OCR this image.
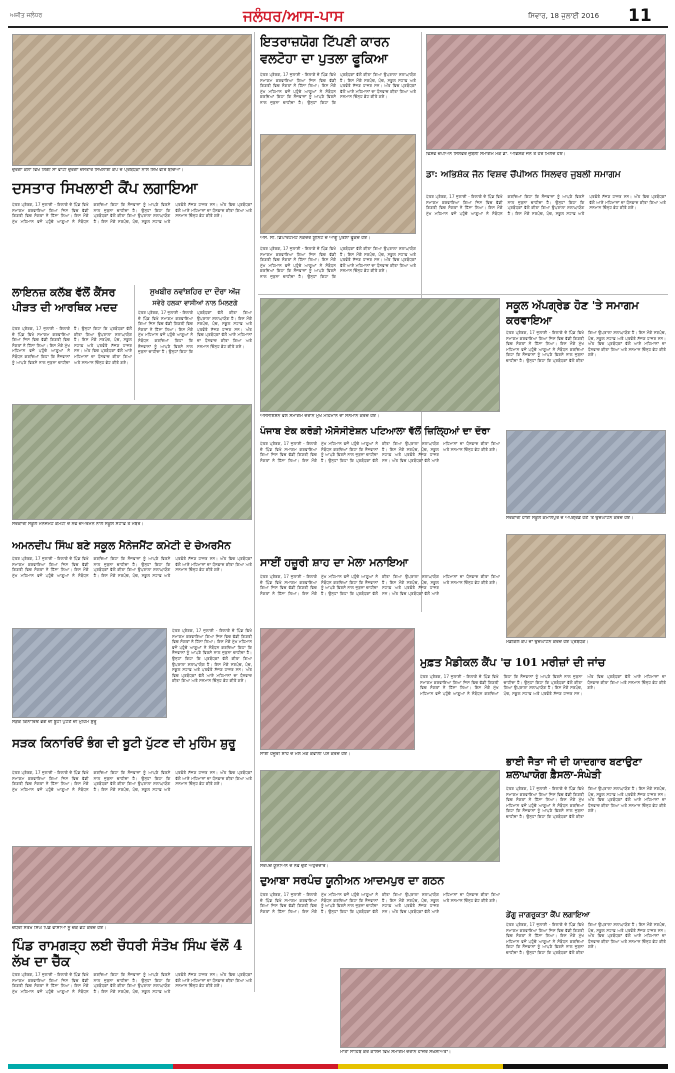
ਅਜੀਤ ਜਲੰਧਰ	ਜਲੰਧਰ/ਆਸ-ਪਾਸ	ਸਿਵਾਰ, 18 ਜੁਲਾਈ 2016 11
ਦੁਰਗਾ ਕਲਾਂ ਵਿਖੇ ਲਿੰਗੀ ਸਾ ਵਾਂਟੀ ਦੁਰਗਾ ਦਸਤਾਰ ਸਿਖਲਾਈ ਕੈਂਪ ਦੇ ਪ੍ਰਬੰਧਕਾਂ ਨਾਲ ਸ਼ਿੱਖ ਵੀਰ ਬੱਚਿਆਂ।
ਦਸਤਾਰ ਸਿਖਲਾਈ ਕੈਂਪ ਲਗਾਇਆ
ਪੱਤਰ ਪ੍ਰੇਰਕ, 17 ਜੁਲਾਈ - ਇਲਾਕੇ ਦੇ ਪਿੰਡ ਵਿਖੇ ਸਮਾਗਮ ਕਰਵਾਇਆ ਗਿਆ ਜਿਸ ਵਿਚ ਵੱਡੀ ਗਿਣਤੀ ਵਿਚ ਸੰਗਤਾਂ ਨੇ ਹਿੱਸਾ ਲਿਆ। ਇਸ ਮੌਕੇ ਮੁੱਖ ਮਹਿਮਾਨ ਵਜੋਂ ਪਹੁੰਚੇ ਆਗੂਆਂ ਨੇ ਸੰਬੋਧਨ ਕਰਦਿਆਂ ਕਿਹਾ ਕਿ ਨੌਜਵਾਨਾਂ ਨੂੰ ਆਪਣੇ ਵਿਰਸੇ ਨਾਲ ਜੁੜਨਾ ਚਾਹੀਦਾ ਹੈ। ਉਨ੍ਹਾਂ ਕਿਹਾ ਕਿ ਪ੍ਰਬੰਧਕਾਂ ਵੱਲੋਂ ਕੀਤਾ ਗਿਆ ਉਪਰਾਲਾ ਸ਼ਲਾਘਾਯੋਗ ਹੈ। ਇਸ ਮੌਕੇ ਸਰਪੰਚ, ਪੰਚ, ਸਕੂਲ ਸਟਾਫ਼ ਅਤੇ ਪਤਵੰਤੇ ਸੱਜਣ ਹਾਜ਼ਰ ਸਨ। ਅੰਤ ਵਿਚ ਪ੍ਰਬੰਧਕਾਂ ਵੱਲੋਂ ਆਏ ਮਹਿਮਾਨਾਂ ਦਾ ਧੰਨਵਾਦ ਕੀਤਾ ਗਿਆ ਅਤੇ ਸਨਮਾਨ ਚਿੰਨ੍ਹ ਭੇਟ ਕੀਤੇ ਗਏ।
ਲਾਇਨਜ਼ ਕਲੱਬ ਵੱਲੋਂ ਕੈਂਸਰ ਪੀੜਤ ਦੀ ਆਰਥਿਕ ਮਦਦ
ਪੱਤਰ ਪ੍ਰੇਰਕ, 17 ਜੁਲਾਈ - ਇਲਾਕੇ ਦੇ ਪਿੰਡ ਵਿਖੇ ਸਮਾਗਮ ਕਰਵਾਇਆ ਗਿਆ ਜਿਸ ਵਿਚ ਵੱਡੀ ਗਿਣਤੀ ਵਿਚ ਸੰਗਤਾਂ ਨੇ ਹਿੱਸਾ ਲਿਆ। ਇਸ ਮੌਕੇ ਮੁੱਖ ਮਹਿਮਾਨ ਵਜੋਂ ਪਹੁੰਚੇ ਆਗੂਆਂ ਨੇ ਸੰਬੋਧਨ ਕਰਦਿਆਂ ਕਿਹਾ ਕਿ ਨੌਜਵਾਨਾਂ ਨੂੰ ਆਪਣੇ ਵਿਰਸੇ ਨਾਲ ਜੁੜਨਾ ਚਾਹੀਦਾ ਹੈ। ਉਨ੍ਹਾਂ ਕਿਹਾ ਕਿ ਪ੍ਰਬੰਧਕਾਂ ਵੱਲੋਂ ਕੀਤਾ ਗਿਆ ਉਪਰਾਲਾ ਸ਼ਲਾਘਾਯੋਗ ਹੈ। ਇਸ ਮੌਕੇ ਸਰਪੰਚ, ਪੰਚ, ਸਕੂਲ ਸਟਾਫ਼ ਅਤੇ ਪਤਵੰਤੇ ਸੱਜਣ ਹਾਜ਼ਰ ਸਨ। ਅੰਤ ਵਿਚ ਪ੍ਰਬੰਧਕਾਂ ਵੱਲੋਂ ਆਏ ਮਹਿਮਾਨਾਂ ਦਾ ਧੰਨਵਾਦ ਕੀਤਾ ਗਿਆ ਅਤੇ ਸਨਮਾਨ ਚਿੰਨ੍ਹ ਭੇਟ ਕੀਤੇ ਗਏ।
ਸੁਖਬੀਰ ਨਵਾਂਸ਼ਹਿਰ ਦਾ ਦੌਰਾ ਅੱਜ
ਸਵੇਰੇ ਹਲਕਾ ਵਾਸੀਆਂ ਨਾਲ ਮਿਲਣਗੇ
ਪੱਤਰ ਪ੍ਰੇਰਕ, 17 ਜੁਲਾਈ - ਇਲਾਕੇ ਦੇ ਪਿੰਡ ਵਿਖੇ ਸਮਾਗਮ ਕਰਵਾਇਆ ਗਿਆ ਜਿਸ ਵਿਚ ਵੱਡੀ ਗਿਣਤੀ ਵਿਚ ਸੰਗਤਾਂ ਨੇ ਹਿੱਸਾ ਲਿਆ। ਇਸ ਮੌਕੇ ਮੁੱਖ ਮਹਿਮਾਨ ਵਜੋਂ ਪਹੁੰਚੇ ਆਗੂਆਂ ਨੇ ਸੰਬੋਧਨ ਕਰਦਿਆਂ ਕਿਹਾ ਕਿ ਨੌਜਵਾਨਾਂ ਨੂੰ ਆਪਣੇ ਵਿਰਸੇ ਨਾਲ ਜੁੜਨਾ ਚਾਹੀਦਾ ਹੈ। ਉਨ੍ਹਾਂ ਕਿਹਾ ਕਿ ਪ੍ਰਬੰਧਕਾਂ ਵੱਲੋਂ ਕੀਤਾ ਗਿਆ ਉਪਰਾਲਾ ਸ਼ਲਾਘਾਯੋਗ ਹੈ। ਇਸ ਮੌਕੇ ਸਰਪੰਚ, ਪੰਚ, ਸਕੂਲ ਸਟਾਫ਼ ਅਤੇ ਪਤਵੰਤੇ ਸੱਜਣ ਹਾਜ਼ਰ ਸਨ। ਅੰਤ ਵਿਚ ਪ੍ਰਬੰਧਕਾਂ ਵੱਲੋਂ ਆਏ ਮਹਿਮਾਨਾਂ ਦਾ ਧੰਨਵਾਦ ਕੀਤਾ ਗਿਆ ਅਤੇ ਸਨਮਾਨ ਚਿੰਨ੍ਹ ਭੇਟ ਕੀਤੇ ਗਏ।
ਸਰਕਾਰੀ ਸਕੂਲ ਮੈਨੇਜਮੈਂਟ ਕਮੇਟੀ ਦੇ ਨਵੇਂ ਚੇਅਰਮੈਨ ਨਾਲ ਸਕੂਲ ਸਟਾਫ਼ ਤੇ ਮੈਂਬਰ।
ਅਮਨਦੀਪ ਸਿੰਘ ਬਣੇ ਸਕੂਲ ਮੈਨੇਜਮੈਂਟ ਕਮੇਟੀ ਦੇ ਚੇਅਰਮੈਨ
ਪੱਤਰ ਪ੍ਰੇਰਕ, 17 ਜੁਲਾਈ - ਇਲਾਕੇ ਦੇ ਪਿੰਡ ਵਿਖੇ ਸਮਾਗਮ ਕਰਵਾਇਆ ਗਿਆ ਜਿਸ ਵਿਚ ਵੱਡੀ ਗਿਣਤੀ ਵਿਚ ਸੰਗਤਾਂ ਨੇ ਹਿੱਸਾ ਲਿਆ। ਇਸ ਮੌਕੇ ਮੁੱਖ ਮਹਿਮਾਨ ਵਜੋਂ ਪਹੁੰਚੇ ਆਗੂਆਂ ਨੇ ਸੰਬੋਧਨ ਕਰਦਿਆਂ ਕਿਹਾ ਕਿ ਨੌਜਵਾਨਾਂ ਨੂੰ ਆਪਣੇ ਵਿਰਸੇ ਨਾਲ ਜੁੜਨਾ ਚਾਹੀਦਾ ਹੈ। ਉਨ੍ਹਾਂ ਕਿਹਾ ਕਿ ਪ੍ਰਬੰਧਕਾਂ ਵੱਲੋਂ ਕੀਤਾ ਗਿਆ ਉਪਰਾਲਾ ਸ਼ਲਾਘਾਯੋਗ ਹੈ। ਇਸ ਮੌਕੇ ਸਰਪੰਚ, ਪੰਚ, ਸਕੂਲ ਸਟਾਫ਼ ਅਤੇ ਪਤਵੰਤੇ ਸੱਜਣ ਹਾਜ਼ਰ ਸਨ। ਅੰਤ ਵਿਚ ਪ੍ਰਬੰਧਕਾਂ ਵੱਲੋਂ ਆਏ ਮਹਿਮਾਨਾਂ ਦਾ ਧੰਨਵਾਦ ਕੀਤਾ ਗਿਆ ਅਤੇ ਸਨਮਾਨ ਚਿੰਨ੍ਹ ਭੇਟ ਕੀਤੇ ਗਏ।
ਸੜਕ ਕਿਨਾਰਿਓਂ ਭੰਗ ਦੀ ਬੂਟੀ ਪੁੱਟਣ ਦੀ ਮੁਹਿੰਮ ਸ਼ੁਰੂ
ਪੱਤਰ ਪ੍ਰੇਰਕ, 17 ਜੁਲਾਈ - ਇਲਾਕੇ ਦੇ ਪਿੰਡ ਵਿਖੇ ਸਮਾਗਮ ਕਰਵਾਇਆ ਗਿਆ ਜਿਸ ਵਿਚ ਵੱਡੀ ਗਿਣਤੀ ਵਿਚ ਸੰਗਤਾਂ ਨੇ ਹਿੱਸਾ ਲਿਆ। ਇਸ ਮੌਕੇ ਮੁੱਖ ਮਹਿਮਾਨ ਵਜੋਂ ਪਹੁੰਚੇ ਆਗੂਆਂ ਨੇ ਸੰਬੋਧਨ ਕਰਦਿਆਂ ਕਿਹਾ ਕਿ ਨੌਜਵਾਨਾਂ ਨੂੰ ਆਪਣੇ ਵਿਰਸੇ ਨਾਲ ਜੁੜਨਾ ਚਾਹੀਦਾ ਹੈ। ਉਨ੍ਹਾਂ ਕਿਹਾ ਕਿ ਪ੍ਰਬੰਧਕਾਂ ਵੱਲੋਂ ਕੀਤਾ ਗਿਆ ਉਪਰਾਲਾ ਸ਼ਲਾਘਾਯੋਗ ਹੈ। ਇਸ ਮੌਕੇ ਸਰਪੰਚ, ਪੰਚ, ਸਕੂਲ ਸਟਾਫ਼ ਅਤੇ ਪਤਵੰਤੇ ਸੱਜਣ ਹਾਜ਼ਰ ਸਨ। ਅੰਤ ਵਿਚ ਪ੍ਰਬੰਧਕਾਂ ਵੱਲੋਂ ਆਏ ਮਹਿਮਾਨਾਂ ਦਾ ਧੰਨਵਾਦ ਕੀਤਾ ਗਿਆ ਅਤੇ ਸਨਮਾਨ ਚਿੰਨ੍ਹ ਭੇਟ ਕੀਤੇ ਗਏ।
ਸੜਕ ਕਿਨਾਰਿਓਂ ਭੰਗ ਦੀ ਬੂਟੀ ਪੁੱਟਣ ਦੀ ਮੁਹਿੰਮ ਸ਼ੁਰੂ
ਪੱਤਰ ਪ੍ਰੇਰਕ, 17 ਜੁਲਾਈ - ਇਲਾਕੇ ਦੇ ਪਿੰਡ ਵਿਖੇ ਸਮਾਗਮ ਕਰਵਾਇਆ ਗਿਆ ਜਿਸ ਵਿਚ ਵੱਡੀ ਗਿਣਤੀ ਵਿਚ ਸੰਗਤਾਂ ਨੇ ਹਿੱਸਾ ਲਿਆ। ਇਸ ਮੌਕੇ ਮੁੱਖ ਮਹਿਮਾਨ ਵਜੋਂ ਪਹੁੰਚੇ ਆਗੂਆਂ ਨੇ ਸੰਬੋਧਨ ਕਰਦਿਆਂ ਕਿਹਾ ਕਿ ਨੌਜਵਾਨਾਂ ਨੂੰ ਆਪਣੇ ਵਿਰਸੇ ਨਾਲ ਜੁੜਨਾ ਚਾਹੀਦਾ ਹੈ। ਉਨ੍ਹਾਂ ਕਿਹਾ ਕਿ ਪ੍ਰਬੰਧਕਾਂ ਵੱਲੋਂ ਕੀਤਾ ਗਿਆ ਉਪਰਾਲਾ ਸ਼ਲਾਘਾਯੋਗ ਹੈ। ਇਸ ਮੌਕੇ ਸਰਪੰਚ, ਪੰਚ, ਸਕੂਲ ਸਟਾਫ਼ ਅਤੇ ਪਤਵੰਤੇ ਸੱਜਣ ਹਾਜ਼ਰ ਸਨ। ਅੰਤ ਵਿਚ ਪ੍ਰਬੰਧਕਾਂ ਵੱਲੋਂ ਆਏ ਮਹਿਮਾਨਾਂ ਦਾ ਧੰਨਵਾਦ ਕੀਤਾ ਗਿਆ ਅਤੇ ਸਨਮਾਨ ਚਿੰਨ੍ਹ ਭੇਟ ਕੀਤੇ ਗਏ।
ਚੌਧਰੀ ਸੰਤੋਖ ਸਿੰਘ ਪਿੰਡ ਵਾਸੀਆਂ ਨੂੰ ਚੈੱਕ ਭੇਟ ਕਰਦੇ ਹੋਏ।
ਪਿੰਡ ਰਾਮਗੜ੍ਹ ਲਈ ਚੌਧਰੀ ਸੰਤੋਖ ਸਿੰਘ ਵੱਲੋਂ 4 ਲੱਖ ਦਾ ਚੈੱਕ
ਪੱਤਰ ਪ੍ਰੇਰਕ, 17 ਜੁਲਾਈ - ਇਲਾਕੇ ਦੇ ਪਿੰਡ ਵਿਖੇ ਸਮਾਗਮ ਕਰਵਾਇਆ ਗਿਆ ਜਿਸ ਵਿਚ ਵੱਡੀ ਗਿਣਤੀ ਵਿਚ ਸੰਗਤਾਂ ਨੇ ਹਿੱਸਾ ਲਿਆ। ਇਸ ਮੌਕੇ ਮੁੱਖ ਮਹਿਮਾਨ ਵਜੋਂ ਪਹੁੰਚੇ ਆਗੂਆਂ ਨੇ ਸੰਬੋਧਨ ਕਰਦਿਆਂ ਕਿਹਾ ਕਿ ਨੌਜਵਾਨਾਂ ਨੂੰ ਆਪਣੇ ਵਿਰਸੇ ਨਾਲ ਜੁੜਨਾ ਚਾਹੀਦਾ ਹੈ। ਉਨ੍ਹਾਂ ਕਿਹਾ ਕਿ ਪ੍ਰਬੰਧਕਾਂ ਵੱਲੋਂ ਕੀਤਾ ਗਿਆ ਉਪਰਾਲਾ ਸ਼ਲਾਘਾਯੋਗ ਹੈ। ਇਸ ਮੌਕੇ ਸਰਪੰਚ, ਪੰਚ, ਸਕੂਲ ਸਟਾਫ਼ ਅਤੇ ਪਤਵੰਤੇ ਸੱਜਣ ਹਾਜ਼ਰ ਸਨ। ਅੰਤ ਵਿਚ ਪ੍ਰਬੰਧਕਾਂ ਵੱਲੋਂ ਆਏ ਮਹਿਮਾਨਾਂ ਦਾ ਧੰਨਵਾਦ ਕੀਤਾ ਗਿਆ ਅਤੇ ਸਨਮਾਨ ਚਿੰਨ੍ਹ ਭੇਟ ਕੀਤੇ ਗਏ।
ਇਤਰਾਜ਼ਯੋਗ ਟਿੱਪਣੀ ਕਾਰਨ ਵਲਟੋਹਾ ਦਾ ਪੁਤਲਾ ਫੂਕਿਆ
ਪੱਤਰ ਪ੍ਰੇਰਕ, 17 ਜੁਲਾਈ - ਇਲਾਕੇ ਦੇ ਪਿੰਡ ਵਿਖੇ ਸਮਾਗਮ ਕਰਵਾਇਆ ਗਿਆ ਜਿਸ ਵਿਚ ਵੱਡੀ ਗਿਣਤੀ ਵਿਚ ਸੰਗਤਾਂ ਨੇ ਹਿੱਸਾ ਲਿਆ। ਇਸ ਮੌਕੇ ਮੁੱਖ ਮਹਿਮਾਨ ਵਜੋਂ ਪਹੁੰਚੇ ਆਗੂਆਂ ਨੇ ਸੰਬੋਧਨ ਕਰਦਿਆਂ ਕਿਹਾ ਕਿ ਨੌਜਵਾਨਾਂ ਨੂੰ ਆਪਣੇ ਵਿਰਸੇ ਨਾਲ ਜੁੜਨਾ ਚਾਹੀਦਾ ਹੈ। ਉਨ੍ਹਾਂ ਕਿਹਾ ਕਿ ਪ੍ਰਬੰਧਕਾਂ ਵੱਲੋਂ ਕੀਤਾ ਗਿਆ ਉਪਰਾਲਾ ਸ਼ਲਾਘਾਯੋਗ ਹੈ। ਇਸ ਮੌਕੇ ਸਰਪੰਚ, ਪੰਚ, ਸਕੂਲ ਸਟਾਫ਼ ਅਤੇ ਪਤਵੰਤੇ ਸੱਜਣ ਹਾਜ਼ਰ ਸਨ। ਅੰਤ ਵਿਚ ਪ੍ਰਬੰਧਕਾਂ ਵੱਲੋਂ ਆਏ ਮਹਿਮਾਨਾਂ ਦਾ ਧੰਨਵਾਦ ਕੀਤਾ ਗਿਆ ਅਤੇ ਸਨਮਾਨ ਚਿੰਨ੍ਹ ਭੇਟ ਕੀਤੇ ਗਏ।
ਐਸ. ਸੀ. ਡਿਪਾਰਟਮੈਂਟ ਨਕੋਦਰ ਯੂਨਿਟ ਦੇ ਆਗੂ ਪੁਤਲਾ ਫੂਕਦੇ ਹੋਏ।
ਪੱਤਰ ਪ੍ਰੇਰਕ, 17 ਜੁਲਾਈ - ਇਲਾਕੇ ਦੇ ਪਿੰਡ ਵਿਖੇ ਸਮਾਗਮ ਕਰਵਾਇਆ ਗਿਆ ਜਿਸ ਵਿਚ ਵੱਡੀ ਗਿਣਤੀ ਵਿਚ ਸੰਗਤਾਂ ਨੇ ਹਿੱਸਾ ਲਿਆ। ਇਸ ਮੌਕੇ ਮੁੱਖ ਮਹਿਮਾਨ ਵਜੋਂ ਪਹੁੰਚੇ ਆਗੂਆਂ ਨੇ ਸੰਬੋਧਨ ਕਰਦਿਆਂ ਕਿਹਾ ਕਿ ਨੌਜਵਾਨਾਂ ਨੂੰ ਆਪਣੇ ਵਿਰਸੇ ਨਾਲ ਜੁੜਨਾ ਚਾਹੀਦਾ ਹੈ। ਉਨ੍ਹਾਂ ਕਿਹਾ ਕਿ ਪ੍ਰਬੰਧਕਾਂ ਵੱਲੋਂ ਕੀਤਾ ਗਿਆ ਉਪਰਾਲਾ ਸ਼ਲਾਘਾਯੋਗ ਹੈ। ਇਸ ਮੌਕੇ ਸਰਪੰਚ, ਪੰਚ, ਸਕੂਲ ਸਟਾਫ਼ ਅਤੇ ਪਤਵੰਤੇ ਸੱਜਣ ਹਾਜ਼ਰ ਸਨ। ਅੰਤ ਵਿਚ ਪ੍ਰਬੰਧਕਾਂ ਵੱਲੋਂ ਆਏ ਮਹਿਮਾਨਾਂ ਦਾ ਧੰਨਵਾਦ ਕੀਤਾ ਗਿਆ ਅਤੇ ਸਨਮਾਨ ਚਿੰਨ੍ਹ ਭੇਟ ਕੀਤੇ ਗਏ।
ਵਿਸ਼ਵ ਚੈਂਪੀਅਨ ਸਿਲਵਰ ਜੁਬਲੀ ਸਮਾਗਮ ਮੌਕੇ ਡਾ. ਅਭਿਸ਼ੇਕ ਜੈਨ ਤੇ ਹੋਰ ਮਿਲਦੇ ਹੋਏ।
ਡਾ: ਅਭਿਸ਼ੇਕ ਜੈਨ ਵਿਸ਼ਵ ਚੈਂਪੀਅਨ ਸਿਲਵਰ ਜੁਬਲੀ ਸਮਾਗਮ
ਪੱਤਰ ਪ੍ਰੇਰਕ, 17 ਜੁਲਾਈ - ਇਲਾਕੇ ਦੇ ਪਿੰਡ ਵਿਖੇ ਸਮਾਗਮ ਕਰਵਾਇਆ ਗਿਆ ਜਿਸ ਵਿਚ ਵੱਡੀ ਗਿਣਤੀ ਵਿਚ ਸੰਗਤਾਂ ਨੇ ਹਿੱਸਾ ਲਿਆ। ਇਸ ਮੌਕੇ ਮੁੱਖ ਮਹਿਮਾਨ ਵਜੋਂ ਪਹੁੰਚੇ ਆਗੂਆਂ ਨੇ ਸੰਬੋਧਨ ਕਰਦਿਆਂ ਕਿਹਾ ਕਿ ਨੌਜਵਾਨਾਂ ਨੂੰ ਆਪਣੇ ਵਿਰਸੇ ਨਾਲ ਜੁੜਨਾ ਚਾਹੀਦਾ ਹੈ। ਉਨ੍ਹਾਂ ਕਿਹਾ ਕਿ ਪ੍ਰਬੰਧਕਾਂ ਵੱਲੋਂ ਕੀਤਾ ਗਿਆ ਉਪਰਾਲਾ ਸ਼ਲਾਘਾਯੋਗ ਹੈ। ਇਸ ਮੌਕੇ ਸਰਪੰਚ, ਪੰਚ, ਸਕੂਲ ਸਟਾਫ਼ ਅਤੇ ਪਤਵੰਤੇ ਸੱਜਣ ਹਾਜ਼ਰ ਸਨ। ਅੰਤ ਵਿਚ ਪ੍ਰਬੰਧਕਾਂ ਵੱਲੋਂ ਆਏ ਮਹਿਮਾਨਾਂ ਦਾ ਧੰਨਵਾਦ ਕੀਤਾ ਗਿਆ ਅਤੇ ਸਨਮਾਨ ਚਿੰਨ੍ਹ ਭੇਟ ਕੀਤੇ ਗਏ।
ਐਸੋਸੀਏਸ਼ਨ ਵੱਲੋਂ ਸਮਾਗਮ ਦੌਰਾਨ ਮੁੱਖ ਮਹਿਮਾਨ ਦਾ ਸਨਮਾਨ ਕਰਦੇ ਹੋਏ।
ਪੰਜਾਬ ਏਕ ਕਰੋੜੀ ਐਸੋਸੀਏਸ਼ਨ ਪਟਿਆਲਾ ਵੱਲੋਂ ਜ਼ਿਲ੍ਹਿਆਂ ਦਾ ਦੌਰਾ
ਪੱਤਰ ਪ੍ਰੇਰਕ, 17 ਜੁਲਾਈ - ਇਲਾਕੇ ਦੇ ਪਿੰਡ ਵਿਖੇ ਸਮਾਗਮ ਕਰਵਾਇਆ ਗਿਆ ਜਿਸ ਵਿਚ ਵੱਡੀ ਗਿਣਤੀ ਵਿਚ ਸੰਗਤਾਂ ਨੇ ਹਿੱਸਾ ਲਿਆ। ਇਸ ਮੌਕੇ ਮੁੱਖ ਮਹਿਮਾਨ ਵਜੋਂ ਪਹੁੰਚੇ ਆਗੂਆਂ ਨੇ ਸੰਬੋਧਨ ਕਰਦਿਆਂ ਕਿਹਾ ਕਿ ਨੌਜਵਾਨਾਂ ਨੂੰ ਆਪਣੇ ਵਿਰਸੇ ਨਾਲ ਜੁੜਨਾ ਚਾਹੀਦਾ ਹੈ। ਉਨ੍ਹਾਂ ਕਿਹਾ ਕਿ ਪ੍ਰਬੰਧਕਾਂ ਵੱਲੋਂ ਕੀਤਾ ਗਿਆ ਉਪਰਾਲਾ ਸ਼ਲਾਘਾਯੋਗ ਹੈ। ਇਸ ਮੌਕੇ ਸਰਪੰਚ, ਪੰਚ, ਸਕੂਲ ਸਟਾਫ਼ ਅਤੇ ਪਤਵੰਤੇ ਸੱਜਣ ਹਾਜ਼ਰ ਸਨ। ਅੰਤ ਵਿਚ ਪ੍ਰਬੰਧਕਾਂ ਵੱਲੋਂ ਆਏ ਮਹਿਮਾਨਾਂ ਦਾ ਧੰਨਵਾਦ ਕੀਤਾ ਗਿਆ ਅਤੇ ਸਨਮਾਨ ਚਿੰਨ੍ਹ ਭੇਟ ਕੀਤੇ ਗਏ।
ਸਕੂਲ ਅੱਪਗ੍ਰੇਡ ਹੋਣ 'ਤੇ ਸਮਾਗਮ ਕਰਵਾਇਆ
ਪੱਤਰ ਪ੍ਰੇਰਕ, 17 ਜੁਲਾਈ - ਇਲਾਕੇ ਦੇ ਪਿੰਡ ਵਿਖੇ ਸਮਾਗਮ ਕਰਵਾਇਆ ਗਿਆ ਜਿਸ ਵਿਚ ਵੱਡੀ ਗਿਣਤੀ ਵਿਚ ਸੰਗਤਾਂ ਨੇ ਹਿੱਸਾ ਲਿਆ। ਇਸ ਮੌਕੇ ਮੁੱਖ ਮਹਿਮਾਨ ਵਜੋਂ ਪਹੁੰਚੇ ਆਗੂਆਂ ਨੇ ਸੰਬੋਧਨ ਕਰਦਿਆਂ ਕਿਹਾ ਕਿ ਨੌਜਵਾਨਾਂ ਨੂੰ ਆਪਣੇ ਵਿਰਸੇ ਨਾਲ ਜੁੜਨਾ ਚਾਹੀਦਾ ਹੈ। ਉਨ੍ਹਾਂ ਕਿਹਾ ਕਿ ਪ੍ਰਬੰਧਕਾਂ ਵੱਲੋਂ ਕੀਤਾ ਗਿਆ ਉਪਰਾਲਾ ਸ਼ਲਾਘਾਯੋਗ ਹੈ। ਇਸ ਮੌਕੇ ਸਰਪੰਚ, ਪੰਚ, ਸਕੂਲ ਸਟਾਫ਼ ਅਤੇ ਪਤਵੰਤੇ ਸੱਜਣ ਹਾਜ਼ਰ ਸਨ। ਅੰਤ ਵਿਚ ਪ੍ਰਬੰਧਕਾਂ ਵੱਲੋਂ ਆਏ ਮਹਿਮਾਨਾਂ ਦਾ ਧੰਨਵਾਦ ਕੀਤਾ ਗਿਆ ਅਤੇ ਸਨਮਾਨ ਚਿੰਨ੍ਹ ਭੇਟ ਕੀਤੇ ਗਏ।
ਸਰਕਾਰੀ ਹਾਈ ਸਕੂਲ ਕਮਾਲਪੁਰ ਦੇ ਅੱਪਗ੍ਰੇਡ ਹੋਣ 'ਤੇ ਉਦਘਾਟਨ ਕਰਦੇ ਹੋਏ।
ਸਾਈਂ ਹਜ਼ੂਰੀ ਸ਼ਾਹ ਦਾ ਮੇਲਾ ਮਨਾਇਆ
ਪੱਤਰ ਪ੍ਰੇਰਕ, 17 ਜੁਲਾਈ - ਇਲਾਕੇ ਦੇ ਪਿੰਡ ਵਿਖੇ ਸਮਾਗਮ ਕਰਵਾਇਆ ਗਿਆ ਜਿਸ ਵਿਚ ਵੱਡੀ ਗਿਣਤੀ ਵਿਚ ਸੰਗਤਾਂ ਨੇ ਹਿੱਸਾ ਲਿਆ। ਇਸ ਮੌਕੇ ਮੁੱਖ ਮਹਿਮਾਨ ਵਜੋਂ ਪਹੁੰਚੇ ਆਗੂਆਂ ਨੇ ਸੰਬੋਧਨ ਕਰਦਿਆਂ ਕਿਹਾ ਕਿ ਨੌਜਵਾਨਾਂ ਨੂੰ ਆਪਣੇ ਵਿਰਸੇ ਨਾਲ ਜੁੜਨਾ ਚਾਹੀਦਾ ਹੈ। ਉਨ੍ਹਾਂ ਕਿਹਾ ਕਿ ਪ੍ਰਬੰਧਕਾਂ ਵੱਲੋਂ ਕੀਤਾ ਗਿਆ ਉਪਰਾਲਾ ਸ਼ਲਾਘਾਯੋਗ ਹੈ। ਇਸ ਮੌਕੇ ਸਰਪੰਚ, ਪੰਚ, ਸਕੂਲ ਸਟਾਫ਼ ਅਤੇ ਪਤਵੰਤੇ ਸੱਜਣ ਹਾਜ਼ਰ ਸਨ। ਅੰਤ ਵਿਚ ਪ੍ਰਬੰਧਕਾਂ ਵੱਲੋਂ ਆਏ ਮਹਿਮਾਨਾਂ ਦਾ ਧੰਨਵਾਦ ਕੀਤਾ ਗਿਆ ਅਤੇ ਸਨਮਾਨ ਚਿੰਨ੍ਹ ਭੇਟ ਕੀਤੇ ਗਏ।
ਸਾਈਂ ਹਜ਼ੂਰੀ ਸ਼ਾਹ ਦੇ ਮੇਲੇ ਮੌਕੇ ਕੱਵਾਲੀ ਪੇਸ਼ ਕਰਦੇ ਹੋਏ।
ਮੈਡੀਕਲ ਕੈਂਪ ਦਾ ਉਦਘਾਟਨ ਕਰਦੇ ਹੋਏ ਪ੍ਰਬੰਧਕ।
ਮੁਫ਼ਤ ਮੈਡੀਕਲ ਕੈਂਪ 'ਚ 101 ਮਰੀਜ਼ਾਂ ਦੀ ਜਾਂਚ
ਪੱਤਰ ਪ੍ਰੇਰਕ, 17 ਜੁਲਾਈ - ਇਲਾਕੇ ਦੇ ਪਿੰਡ ਵਿਖੇ ਸਮਾਗਮ ਕਰਵਾਇਆ ਗਿਆ ਜਿਸ ਵਿਚ ਵੱਡੀ ਗਿਣਤੀ ਵਿਚ ਸੰਗਤਾਂ ਨੇ ਹਿੱਸਾ ਲਿਆ। ਇਸ ਮੌਕੇ ਮੁੱਖ ਮਹਿਮਾਨ ਵਜੋਂ ਪਹੁੰਚੇ ਆਗੂਆਂ ਨੇ ਸੰਬੋਧਨ ਕਰਦਿਆਂ ਕਿਹਾ ਕਿ ਨੌਜਵਾਨਾਂ ਨੂੰ ਆਪਣੇ ਵਿਰਸੇ ਨਾਲ ਜੁੜਨਾ ਚਾਹੀਦਾ ਹੈ। ਉਨ੍ਹਾਂ ਕਿਹਾ ਕਿ ਪ੍ਰਬੰਧਕਾਂ ਵੱਲੋਂ ਕੀਤਾ ਗਿਆ ਉਪਰਾਲਾ ਸ਼ਲਾਘਾਯੋਗ ਹੈ। ਇਸ ਮੌਕੇ ਸਰਪੰਚ, ਪੰਚ, ਸਕੂਲ ਸਟਾਫ਼ ਅਤੇ ਪਤਵੰਤੇ ਸੱਜਣ ਹਾਜ਼ਰ ਸਨ। ਅੰਤ ਵਿਚ ਪ੍ਰਬੰਧਕਾਂ ਵੱਲੋਂ ਆਏ ਮਹਿਮਾਨਾਂ ਦਾ ਧੰਨਵਾਦ ਕੀਤਾ ਗਿਆ ਅਤੇ ਸਨਮਾਨ ਚਿੰਨ੍ਹ ਭੇਟ ਕੀਤੇ ਗਏ।
ਸਰਪੰਚ ਯੂਨੀਅਨ ਦੇ ਨਵੇਂ ਚੁਣੇ ਅਹੁਦੇਦਾਰ।
ਦੁਆਬਾ ਸਰਪੰਚ ਯੂਨੀਅਨ ਆਦਮਪੁਰ ਦਾ ਗਠਨ
ਪੱਤਰ ਪ੍ਰੇਰਕ, 17 ਜੁਲਾਈ - ਇਲਾਕੇ ਦੇ ਪਿੰਡ ਵਿਖੇ ਸਮਾਗਮ ਕਰਵਾਇਆ ਗਿਆ ਜਿਸ ਵਿਚ ਵੱਡੀ ਗਿਣਤੀ ਵਿਚ ਸੰਗਤਾਂ ਨੇ ਹਿੱਸਾ ਲਿਆ। ਇਸ ਮੌਕੇ ਮੁੱਖ ਮਹਿਮਾਨ ਵਜੋਂ ਪਹੁੰਚੇ ਆਗੂਆਂ ਨੇ ਸੰਬੋਧਨ ਕਰਦਿਆਂ ਕਿਹਾ ਕਿ ਨੌਜਵਾਨਾਂ ਨੂੰ ਆਪਣੇ ਵਿਰਸੇ ਨਾਲ ਜੁੜਨਾ ਚਾਹੀਦਾ ਹੈ। ਉਨ੍ਹਾਂ ਕਿਹਾ ਕਿ ਪ੍ਰਬੰਧਕਾਂ ਵੱਲੋਂ ਕੀਤਾ ਗਿਆ ਉਪਰਾਲਾ ਸ਼ਲਾਘਾਯੋਗ ਹੈ। ਇਸ ਮੌਕੇ ਸਰਪੰਚ, ਪੰਚ, ਸਕੂਲ ਸਟਾਫ਼ ਅਤੇ ਪਤਵੰਤੇ ਸੱਜਣ ਹਾਜ਼ਰ ਸਨ। ਅੰਤ ਵਿਚ ਪ੍ਰਬੰਧਕਾਂ ਵੱਲੋਂ ਆਏ ਮਹਿਮਾਨਾਂ ਦਾ ਧੰਨਵਾਦ ਕੀਤਾ ਗਿਆ ਅਤੇ ਸਨਮਾਨ ਚਿੰਨ੍ਹ ਭੇਟ ਕੀਤੇ ਗਏ।
ਭਾਈ ਜੈਤਾ ਜੀ ਦੀ ਯਾਦਗਾਰ ਬਣਾਉਣਾ ਸ਼ਲਾਘਾਯੋਗ ਫ਼ੈਸਲਾ-ਸੰਘੇੜੀ
ਪੱਤਰ ਪ੍ਰੇਰਕ, 17 ਜੁਲਾਈ - ਇਲਾਕੇ ਦੇ ਪਿੰਡ ਵਿਖੇ ਸਮਾਗਮ ਕਰਵਾਇਆ ਗਿਆ ਜਿਸ ਵਿਚ ਵੱਡੀ ਗਿਣਤੀ ਵਿਚ ਸੰਗਤਾਂ ਨੇ ਹਿੱਸਾ ਲਿਆ। ਇਸ ਮੌਕੇ ਮੁੱਖ ਮਹਿਮਾਨ ਵਜੋਂ ਪਹੁੰਚੇ ਆਗੂਆਂ ਨੇ ਸੰਬੋਧਨ ਕਰਦਿਆਂ ਕਿਹਾ ਕਿ ਨੌਜਵਾਨਾਂ ਨੂੰ ਆਪਣੇ ਵਿਰਸੇ ਨਾਲ ਜੁੜਨਾ ਚਾਹੀਦਾ ਹੈ। ਉਨ੍ਹਾਂ ਕਿਹਾ ਕਿ ਪ੍ਰਬੰਧਕਾਂ ਵੱਲੋਂ ਕੀਤਾ ਗਿਆ ਉਪਰਾਲਾ ਸ਼ਲਾਘਾਯੋਗ ਹੈ। ਇਸ ਮੌਕੇ ਸਰਪੰਚ, ਪੰਚ, ਸਕੂਲ ਸਟਾਫ਼ ਅਤੇ ਪਤਵੰਤੇ ਸੱਜਣ ਹਾਜ਼ਰ ਸਨ। ਅੰਤ ਵਿਚ ਪ੍ਰਬੰਧਕਾਂ ਵੱਲੋਂ ਆਏ ਮਹਿਮਾਨਾਂ ਦਾ ਧੰਨਵਾਦ ਕੀਤਾ ਗਿਆ ਅਤੇ ਸਨਮਾਨ ਚਿੰਨ੍ਹ ਭੇਟ ਕੀਤੇ ਗਏ।
ਡੇਂਗੂ ਜਾਗਰੂਕਤਾ ਕੈਂਪ ਲਗਾਇਆ
ਪੱਤਰ ਪ੍ਰੇਰਕ, 17 ਜੁਲਾਈ - ਇਲਾਕੇ ਦੇ ਪਿੰਡ ਵਿਖੇ ਸਮਾਗਮ ਕਰਵਾਇਆ ਗਿਆ ਜਿਸ ਵਿਚ ਵੱਡੀ ਗਿਣਤੀ ਵਿਚ ਸੰਗਤਾਂ ਨੇ ਹਿੱਸਾ ਲਿਆ। ਇਸ ਮੌਕੇ ਮੁੱਖ ਮਹਿਮਾਨ ਵਜੋਂ ਪਹੁੰਚੇ ਆਗੂਆਂ ਨੇ ਸੰਬੋਧਨ ਕਰਦਿਆਂ ਕਿਹਾ ਕਿ ਨੌਜਵਾਨਾਂ ਨੂੰ ਆਪਣੇ ਵਿਰਸੇ ਨਾਲ ਜੁੜਨਾ ਚਾਹੀਦਾ ਹੈ। ਉਨ੍ਹਾਂ ਕਿਹਾ ਕਿ ਪ੍ਰਬੰਧਕਾਂ ਵੱਲੋਂ ਕੀਤਾ ਗਿਆ ਉਪਰਾਲਾ ਸ਼ਲਾਘਾਯੋਗ ਹੈ। ਇਸ ਮੌਕੇ ਸਰਪੰਚ, ਪੰਚ, ਸਕੂਲ ਸਟਾਫ਼ ਅਤੇ ਪਤਵੰਤੇ ਸੱਜਣ ਹਾਜ਼ਰ ਸਨ। ਅੰਤ ਵਿਚ ਪ੍ਰਬੰਧਕਾਂ ਵੱਲੋਂ ਆਏ ਮਹਿਮਾਨਾਂ ਦਾ ਧੰਨਵਾਦ ਕੀਤਾ ਗਿਆ ਅਤੇ ਸਨਮਾਨ ਚਿੰਨ੍ਹ ਭੇਟ ਕੀਤੇ ਗਏ।
ਮਾਤਾ ਸਾਹਿਬ ਕੌਰ ਕਾਲਜ ਵਿਖੇ ਸਮਾਗਮ ਦੌਰਾਨ ਹਾਜ਼ਰ ਸਖ਼ਸ਼ੀਅਤਾਂ।
